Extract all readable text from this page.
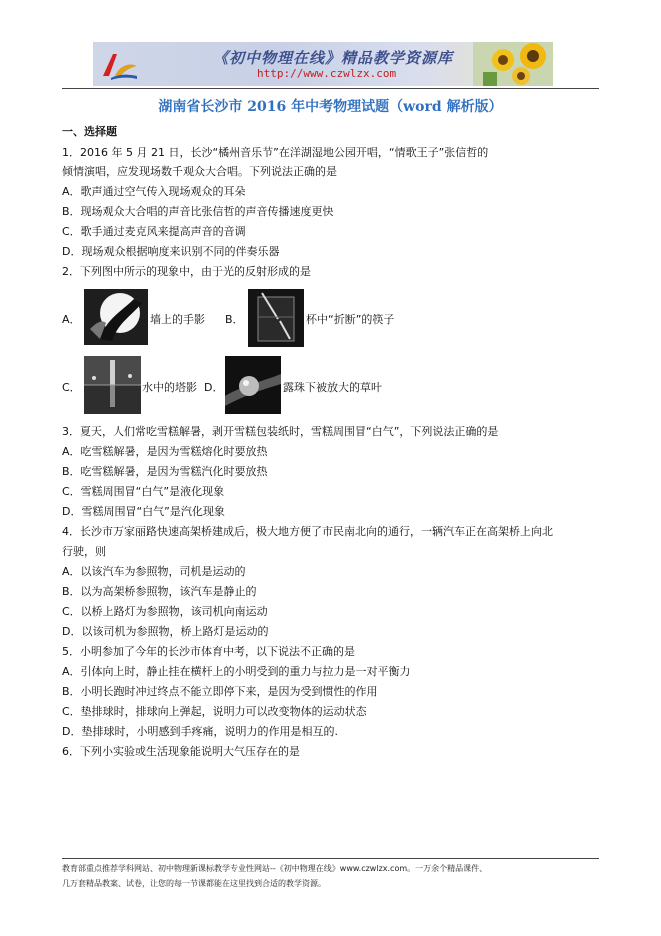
《初中物理在线》精品教学资源库
http://www.czwlzx.com
湖南省长沙市 2016 年中考物理试题（word 解析版）
一、选择题
1．2016 年 5 月 21 日，长沙“橘州音乐节”在洋湖湿地公园开唱，“情歌王子”张信哲的
倾情演唱，应发现场数千观众大合唱。下列说法正确的是
A．歌声通过空气传入现场观众的耳朵
B．现场观众大合唱的声音比张信哲的声音传播速度更快
C．歌手通过麦克风来提高声音的音调
D．现场观众根据响度来识别不同的伴奏乐器
2．下列图中所示的现象中，由于光的反射形成的是
A．	墙上的手影 B．	杯中“折断”的筷子
C．	水中的塔影 D．	露珠下被放大的草叶
3．夏天，人们常吃雪糕解暑，剥开雪糕包装纸时，雪糕周围冒“白气”，下列说法正确的是
A．吃雪糕解暑，是因为雪糕熔化时要放热
B．吃雪糕解暑，是因为雪糕汽化时要放热
C．雪糕周围冒“白气”是液化现象
D．雪糕周围冒“白气”是汽化现象
4．长沙市万家丽路快速高架桥建成后，极大地方便了市民南北向的通行，一辆汽车正在高架桥上向北
行驶，则
A．以该汽车为参照物，司机是运动的
B．以为高架桥参照物，该汽车是静止的
C．以桥上路灯为参照物，该司机向南运动
D．以该司机为参照物，桥上路灯是运动的
5．小明参加了今年的长沙市体育中考，以下说法不正确的是
A．引体向上时，静止挂在横杆上的小明受到的重力与拉力是一对平衡力
B．小明长跑时冲过终点不能立即停下来，是因为受到惯性的作用
C．垫排球时，排球向上弹起，说明力可以改变物体的运动状态
D．垫排球时，小明感到手疼痛，说明力的作用是相互的.
6．下列小实验或生活现象能说明大气压存在的是
教育部重点推荐学科网站、初中物理新课标教学专业性网站--《初中物理在线》www.czwlzx.com。一万余个精品课件、
几万套精品教案、试卷，让您的每一节课都能在这里找到合适的教学资源。
